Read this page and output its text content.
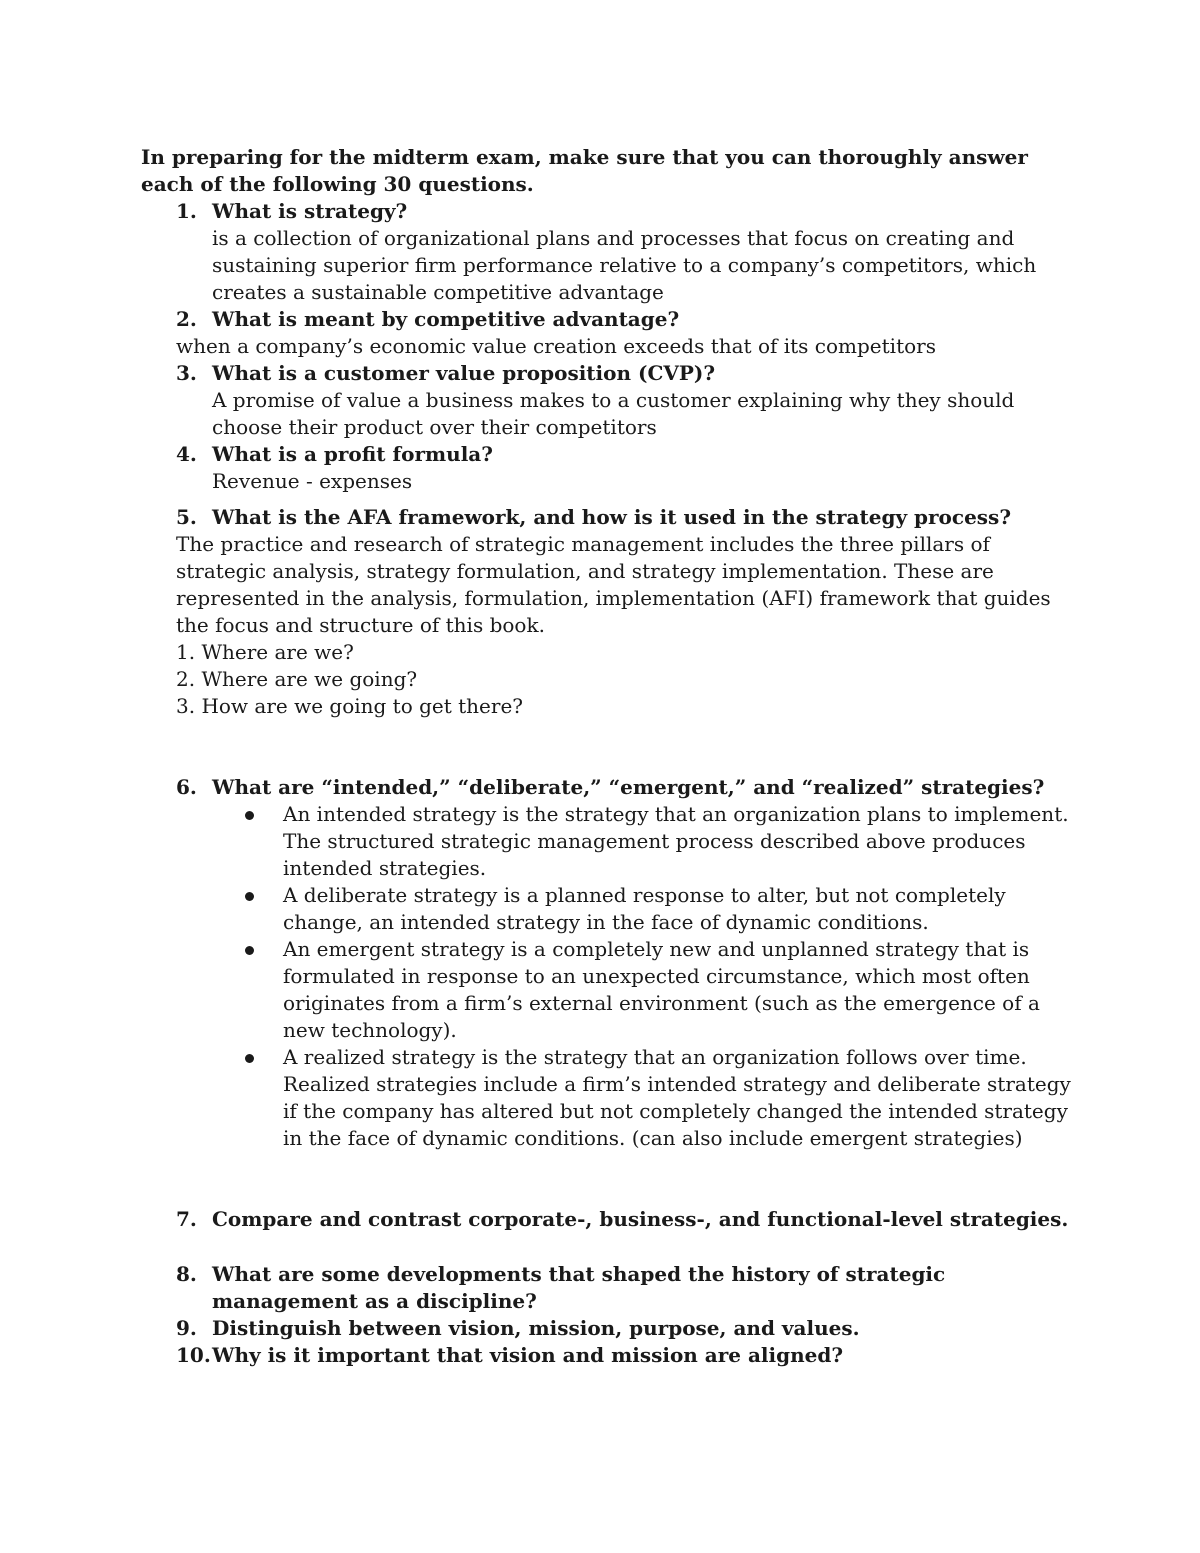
In preparing for the midterm exam, make sure that you can thoroughly answer each of the following 30 questions.
1. What is strategy?
is a collection of organizational plans and processes that focus on creating and sustaining superior firm performance relative to a company’s competitors, which creates a sustainable competitive advantage
2. What is meant by competitive advantage?
when a company’s economic value creation exceeds that of its competitors
3. What is a customer value proposition (CVP)?
A promise of value a business makes to a customer explaining why they should choose their product over their competitors
4. What is a profit formula?
Revenue - expenses
5. What is the AFA framework, and how is it used in the strategy process?
The practice and research of strategic management includes the three pillars of strategic analysis, strategy formulation, and strategy implementation. These are represented in the analysis, formulation, implementation (AFI) framework that guides the focus and structure of this book.
1. Where are we?
2. Where are we going?
3. How are we going to get there?
6. What are “intended,” “deliberate,” “emergent,” and “realized” strategies?
An intended strategy is the strategy that an organization plans to implement. The structured strategic management process described above produces intended strategies.
A deliberate strategy is a planned response to alter, but not completely change, an intended strategy in the face of dynamic conditions.
An emergent strategy is a completely new and unplanned strategy that is formulated in response to an unexpected circumstance, which most often originates from a firm’s external environment (such as the emergence of a new technology).
A realized strategy is the strategy that an organization follows over time. Realized strategies include a firm’s intended strategy and deliberate strategy if the company has altered but not completely changed the intended strategy in the face of dynamic conditions. (can also include emergent strategies)
7. Compare and contrast corporate-, business-, and functional-level strategies.
8. What are some developments that shaped the history of strategic management as a discipline?
9. Distinguish between vision, mission, purpose, and values.
10. Why is it important that vision and mission are aligned?
